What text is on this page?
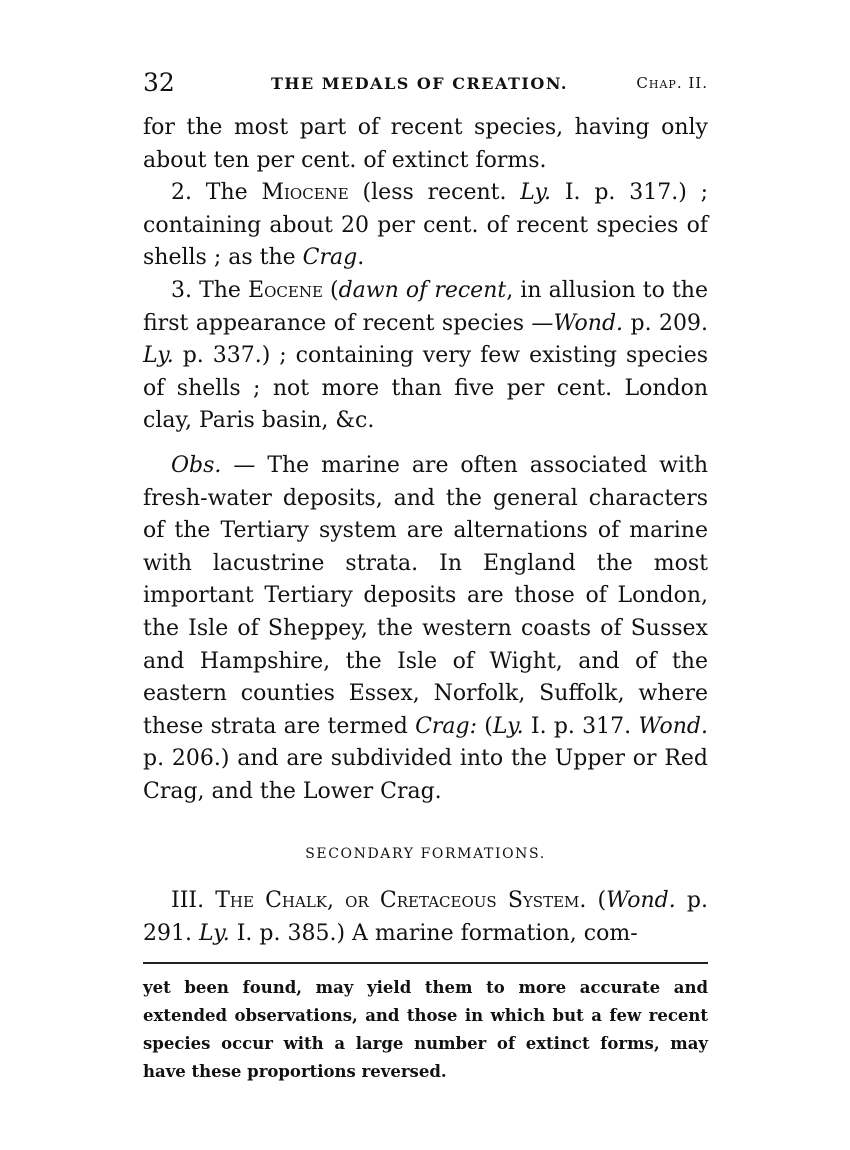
32	THE MEDALS OF CREATION.	Chap. II.

for the most part of recent species, having only about ten per cent. of extinct forms.

2. The Miocene (less recent. Ly. I. p. 317.) ; containing about 20 per cent. of recent species of shells ; as the Crag.

3. The Eocene (dawn of recent, in allusion to the first appearance of recent species —Wond. p. 209. Ly. p. 337.) ; containing very few existing species of shells ; not more than five per cent. London clay, Paris basin, &c.

Obs. — The marine are often associated with fresh-water deposits, and the general characters of the Tertiary system are alternations of marine with lacustrine strata. In England the most important Tertiary deposits are those of London, the Isle of Sheppey, the western coasts of Sussex and Hampshire, the Isle of Wight, and of the eastern counties Essex, Norfolk, Suffolk, where these strata are termed Crag: (Ly. I. p. 317. Wond. p. 206.) and are subdivided into the Upper or Red Crag, and the Lower Crag.

SECONDARY FORMATIONS.

III. The Chalk, or Cretaceous System. (Wond. p. 291. Ly. I. p. 385.) A marine formation, com-

yet been found, may yield them to more accurate and extended observations, and those in which but a few recent species occur with a large number of extinct forms, may have these proportions reversed.
